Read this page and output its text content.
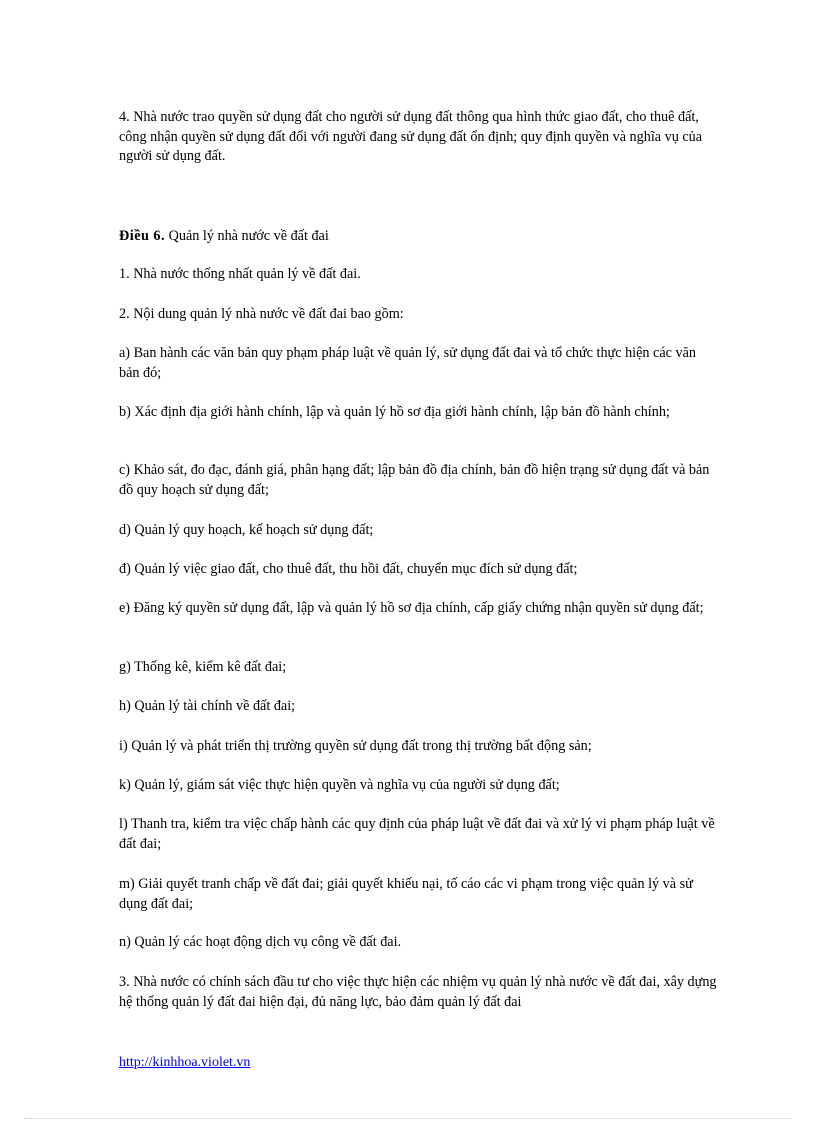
4. Nhà nước trao quyền sử dụng đất cho người sử dụng đất thông qua hình thức giao đất, cho thuê đất, công nhận quyền sử dụng đất đối với người đang sử dụng đất ổn định; quy định quyền và nghĩa vụ của người sử dụng đất.

Điều 6. Quản lý nhà nước về đất đai

1. Nhà nước thống nhất quản lý về đất đai.

2. Nội dung quản lý nhà nước về đất đai bao gồm:

a) Ban hành các văn bản quy phạm pháp luật về quản lý, sử dụng đất đai và tổ chức thực hiện các văn bản đó;

b) Xác định địa giới hành chính, lập và quản lý hồ sơ địa giới hành chính, lập bản đồ hành chính;

c) Khảo sát, đo đạc, đánh giá, phân hạng đất; lập bản đồ địa chính, bản đồ hiện trạng sử dụng đất và bản đồ quy hoạch sử dụng đất;

d) Quản lý quy hoạch, kế hoạch sử dụng đất;

đ) Quản lý việc giao đất, cho thuê đất, thu hồi đất, chuyển mục đích sử dụng đất;

e) Đăng ký quyền sử dụng đất, lập và quản lý hồ sơ địa chính, cấp giấy chứng nhận quyền sử dụng đất;

g) Thống kê, kiểm kê đất đai;

h) Quản lý tài chính về đất đai;

i) Quản lý và phát triển thị trường quyền sử dụng đất trong thị trường bất động sản;

k) Quản lý, giám sát việc thực hiện quyền và nghĩa vụ của người sử dụng đất;

l) Thanh tra, kiểm tra việc chấp hành các quy định của pháp luật về đất đai và xử lý vi phạm pháp luật về đất đai;

m) Giải quyết tranh chấp về đất đai; giải quyết khiếu nại, tố cáo các vi phạm trong việc quản lý và sử dụng đất đai;

n) Quản lý các hoạt động dịch vụ công về đất đai.

3. Nhà nước có chính sách đầu tư cho việc thực hiện các nhiệm vụ quản lý nhà nước về đất đai, xây dựng hệ thống quản lý đất đai hiện đại, đủ năng lực, bảo đảm quản lý đất đai

http://kinhhoa.violet.vn
